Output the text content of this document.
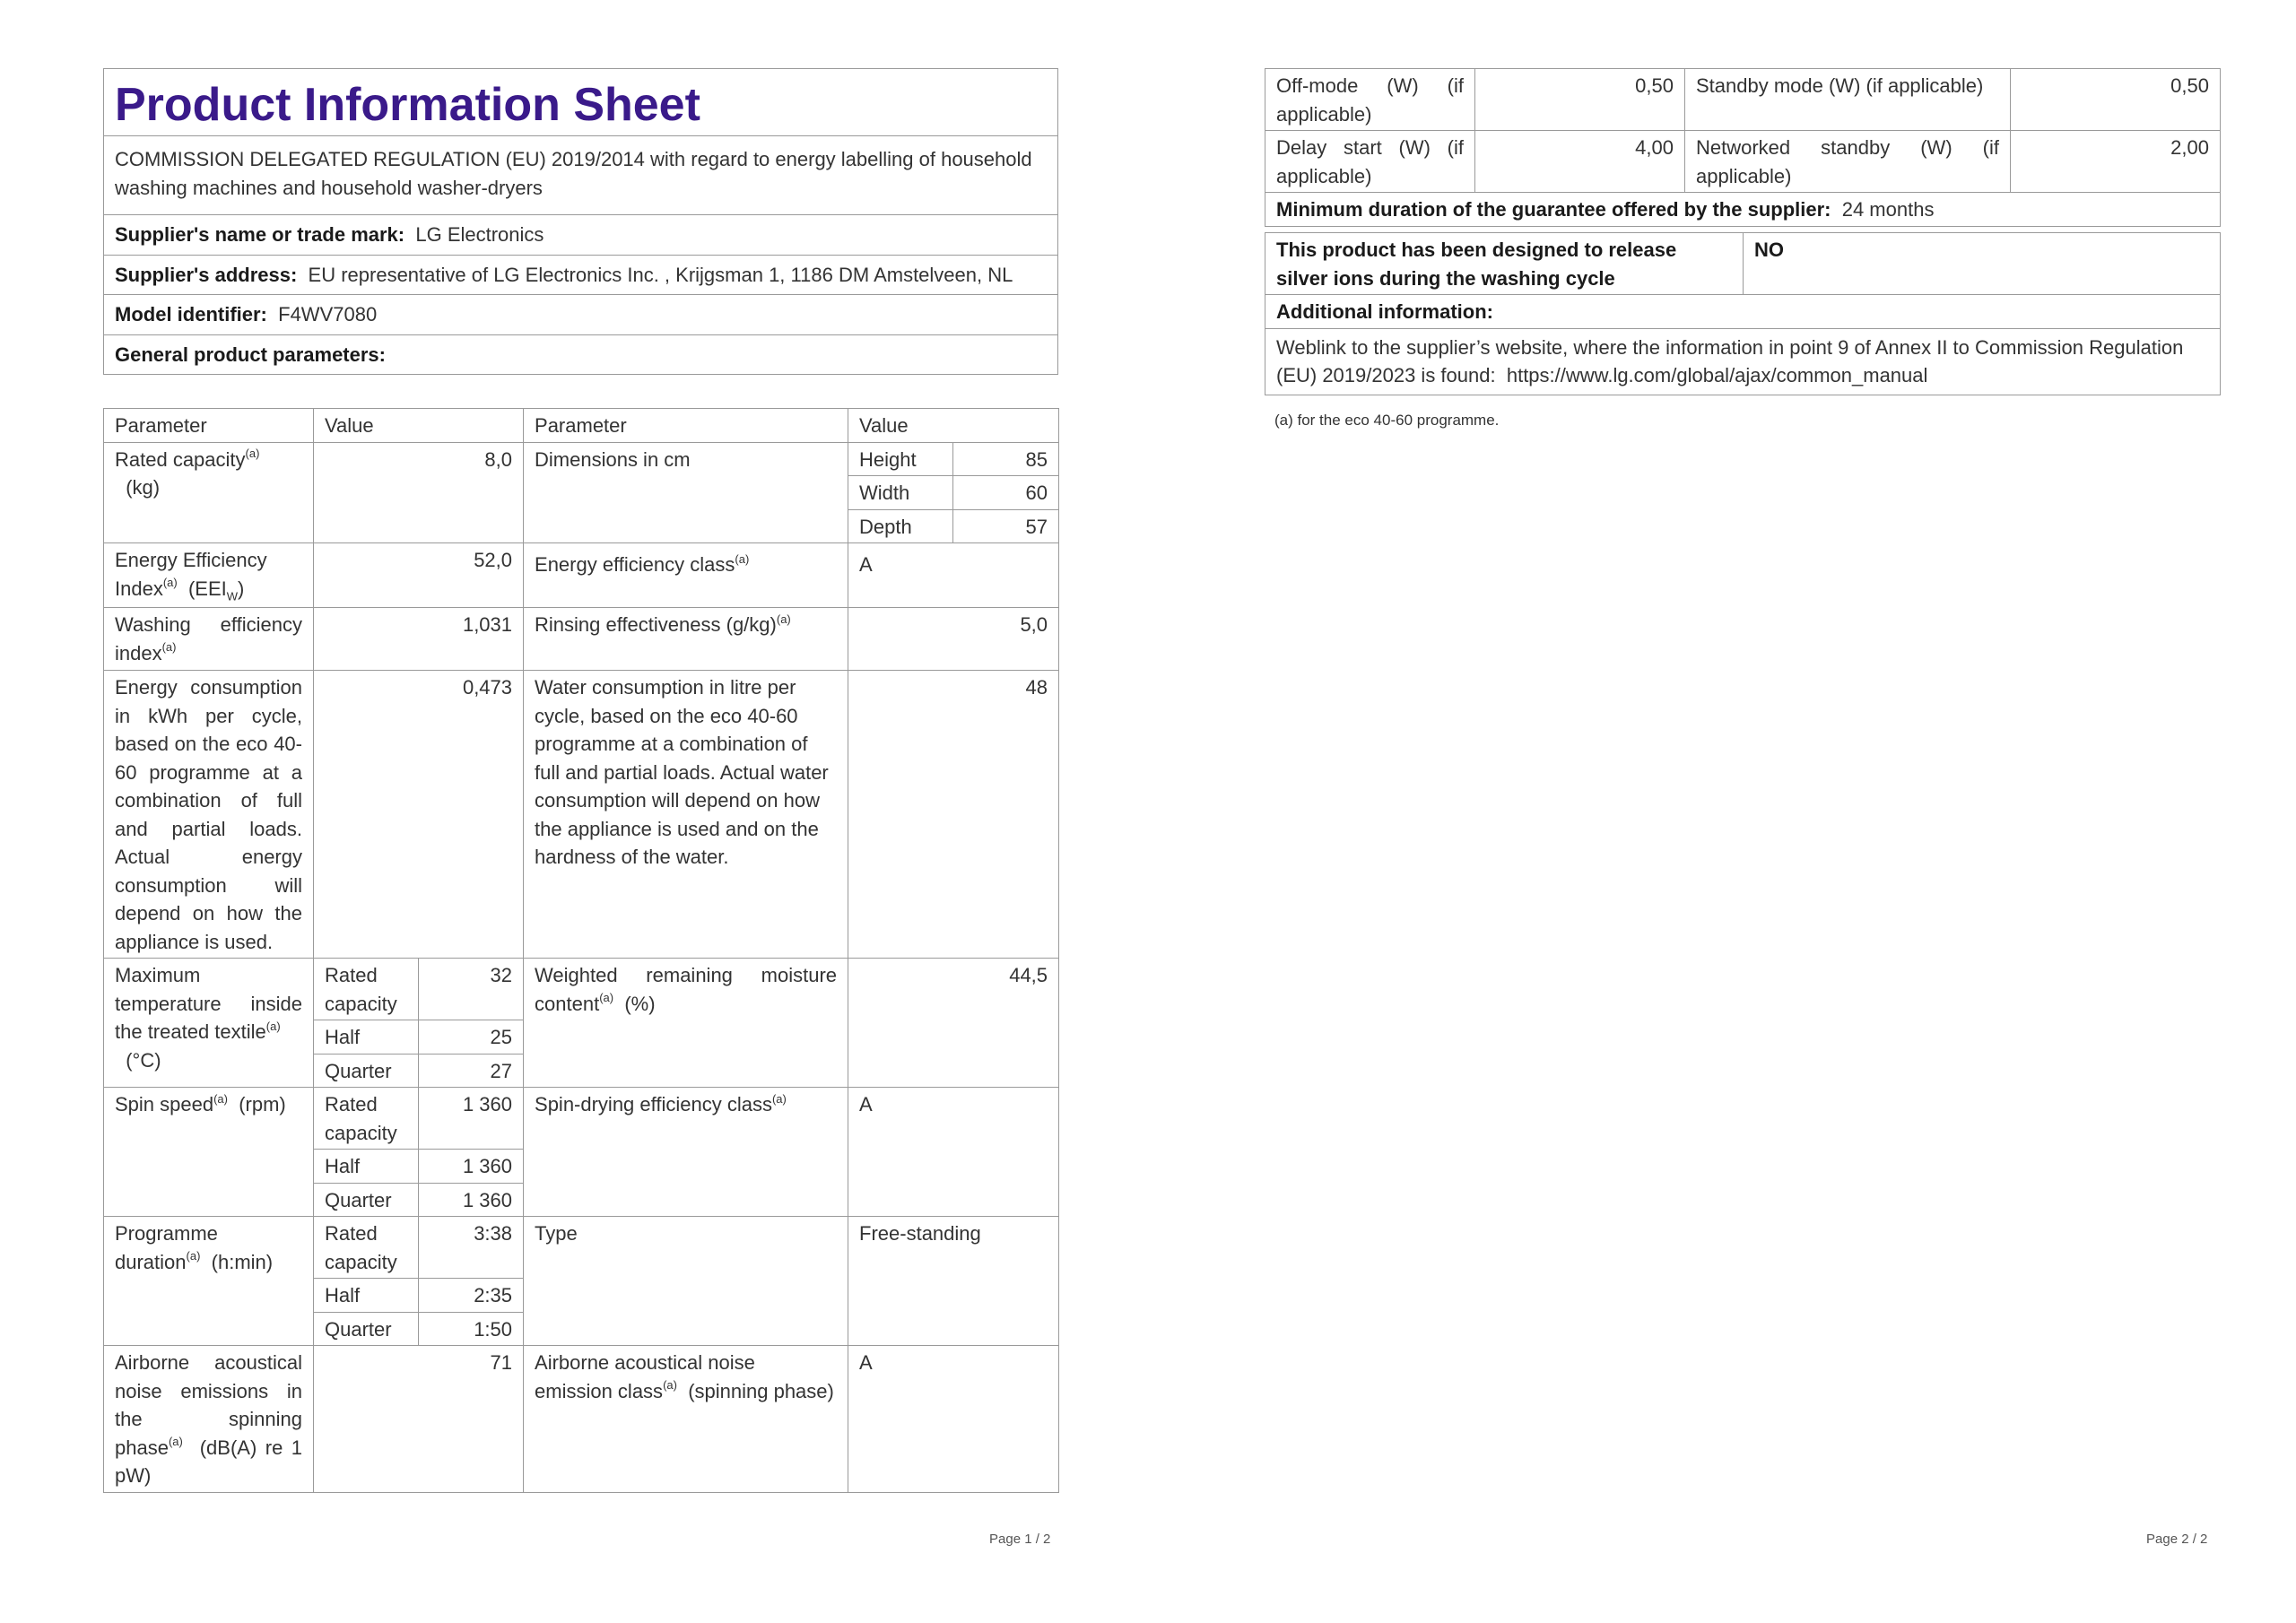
Product Information Sheet
COMMISSION DELEGATED REGULATION (EU) 2019/2014 with regard to energy labelling of household washing machines and household washer-dryers
Supplier's name or trade mark: LG Electronics
Supplier's address: EU representative of LG Electronics Inc. , Krijgsman 1, 1186 DM Amstelveen, NL
Model identifier: F4WV7080
General product parameters:
Parameter	Value		Parameter	Value	
Rated capacity$^{(a)}$
(kg)	8,0		Dimensions in cm	Height	85
				Width	60
				Depth	57
Energy Efficiency
Index$^{(a)}$ $(EEI_W)$	52,0		Energy efficiency class$^{(a)}$	A	
Washing efficiency index$^{(a)}$	1,031		Rinsing effectiveness $(g/kg)^{(a)}$	5,0	
Energy consumption in kWh per cycle, based on the eco 40-60 programme at a combination of full and partial loads. Actual energy consumption will depend on how the appliance is used.	0,473		Water consumption in litre per cycle, based on the eco 40-60 programme at a combination of full and partial loads. Actual water consumption will depend on how the appliance is used and on the hardness of the water.	48	
Maximum temperature inside the treated textile$^{(a)}$
(°C)	Rated capacity	32	Weighted remaining moisture content$^{(a)}$ (%)	44,5	
	Half	25			
	Quarter	27			
Spin speed$^{(a)}$ (rpm)	Rated capacity	1 360	Spin-drying efficiency class$^{(a)}$	A	
	Half	1 360			
	Quarter	1 360			
Programme duration$^{(a)}$ (h:min)	Rated capacity	3:38	Type	Free-standing	
	Half	2:35			
	Quarter	1:50			
Airborne acoustical noise emissions in the spinning phase$^{(a)}$ (dB(A) re 1 pW)	71		Airborne acoustical noise emission class$^{(a)}$ (spinning phase)	A	
Page 1 / 2
Off-mode (W) (if applicable)	0,50	Standby mode (W) (if applicable)	0,50
Delay start (W) (if applicable)	4,00	Networked standby (W) (if applicable)	2,00
Minimum duration of the guarantee offered by the supplier: 24 months			
This product has been designed to release silver ions during the washing cycle	NO
Additional information:
Weblink to the supplier’s website, where the information in point 9 of Annex II to Commission Regulation (EU) 2019/2023 is found: https://www.lg.com/global/ajax/common_manual
(a) for the eco 40-60 programme.
Page 2 / 2
